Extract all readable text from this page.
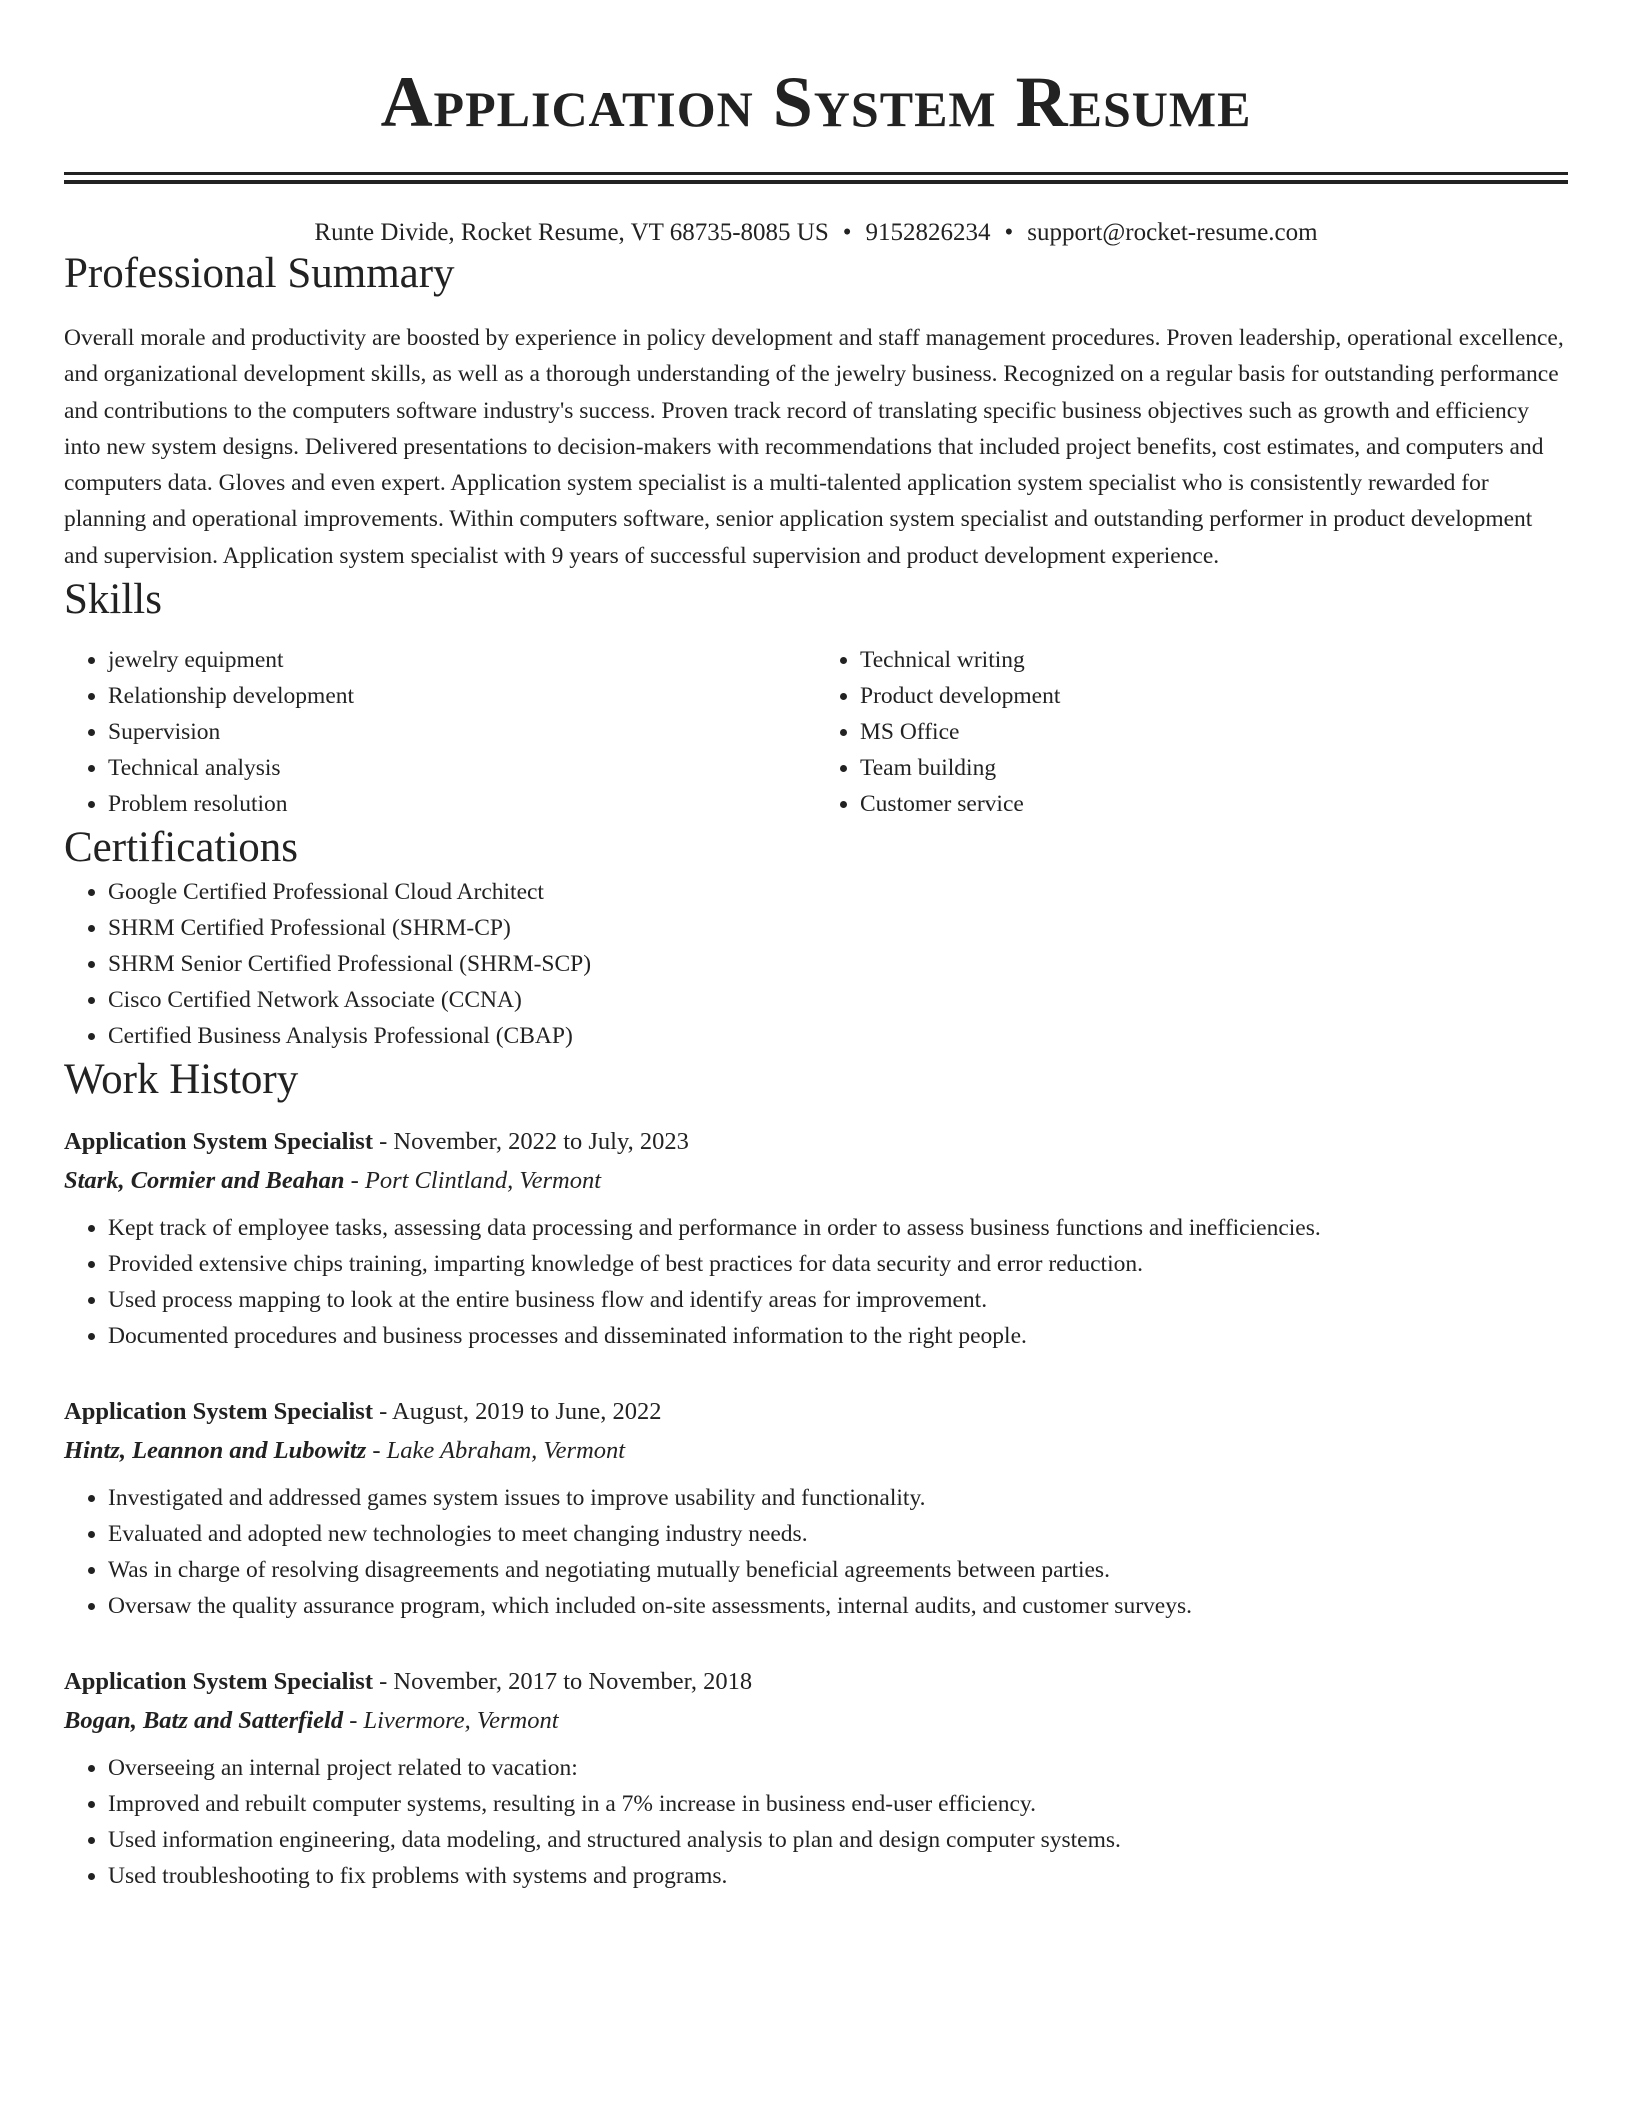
Application System Resume
Runte Divide, Rocket Resume, VT 68735-8085 US • 9152826234 • support@rocket-resume.com
Professional Summary

Overall morale and productivity are boosted by experience in policy development and staff management procedures. Proven leadership, operational excellence, and organizational development skills, as well as a thorough understanding of the jewelry business. Recognized on a regular basis for outstanding performance and contributions to the computers software industry's success. Proven track record of translating specific business objectives such as growth and efficiency into new system designs. Delivered presentations to decision-makers with recommendations that included project benefits, cost estimates, and computers and computers data. Gloves and even expert. Application system specialist is a multi-talented application system specialist who is consistently rewarded for planning and operational improvements. Within computers software, senior application system specialist and outstanding performer in product development and supervision. Application system specialist with 9 years of successful supervision and product development experience.

Skills
• jewelry equipment
• Relationship development
• Supervision
• Technical analysis
• Problem resolution
• Technical writing
• Product development
• MS Office
• Team building
• Customer service
Certifications
• Google Certified Professional Cloud Architect
• SHRM Certified Professional (SHRM-CP)
• SHRM Senior Certified Professional (SHRM-SCP)
• Cisco Certified Network Associate (CCNA)
• Certified Business Analysis Professional (CBAP)
Work History
Application System Specialist - November, 2022 to July, 2023
Stark, Cormier and Beahan - Port Clintland, Vermont
• Kept track of employee tasks, assessing data processing and performance in order to assess business functions and inefficiencies.
• Provided extensive chips training, imparting knowledge of best practices for data security and error reduction.
• Used process mapping to look at the entire business flow and identify areas for improvement.
• Documented procedures and business processes and disseminated information to the right people.
Application System Specialist - August, 2019 to June, 2022
Hintz, Leannon and Lubowitz - Lake Abraham, Vermont
• Investigated and addressed games system issues to improve usability and functionality.
• Evaluated and adopted new technologies to meet changing industry needs.
• Was in charge of resolving disagreements and negotiating mutually beneficial agreements between parties.
• Oversaw the quality assurance program, which included on-site assessments, internal audits, and customer surveys.
Application System Specialist - November, 2017 to November, 2018
Bogan, Batz and Satterfield - Livermore, Vermont
• Overseeing an internal project related to vacation:
• Improved and rebuilt computer systems, resulting in a 7% increase in business end-user efficiency.
• Used information engineering, data modeling, and structured analysis to plan and design computer systems.
• Used troubleshooting to fix problems with systems and programs.
